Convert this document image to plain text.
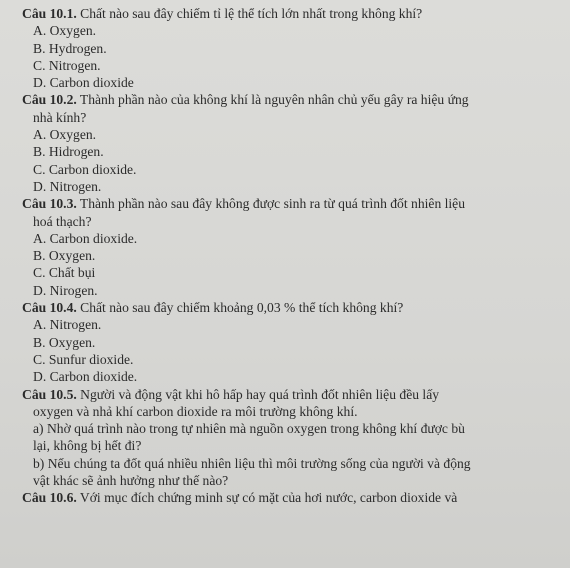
Câu 10.1. Chất nào sau đây chiếm tỉ lệ thể tích lớn nhất trong không khí?

A. Oxygen.

B. Hydrogen.

C. Nitrogen.

D. Carbon dioxide

Câu 10.2. Thành phần nào của không khí là nguyên nhân chủ yếu gây ra hiệu ứng

nhà kính?

A. Oxygen.

B. Hidrogen.

C. Carbon dioxide.

D. Nitrogen.

Câu 10.3. Thành phần nào sau đây không được sinh ra từ quá trình đốt nhiên liệu

hoá thạch?

A. Carbon dioxide.

B. Oxygen.

C. Chất bụi

D. Nirogen.

Câu 10.4. Chất nào sau đây chiếm khoảng 0,03 % thể tích không khí?

A. Nitrogen.

B. Oxygen.

C. Sunfur dioxide.

D. Carbon dioxide.

Câu 10.5. Người và động vật khi hô hấp hay quá trình đốt nhiên liệu đều lấy

oxygen và nhả khí carbon dioxide ra môi trường không khí.

a) Nhờ quá trình nào trong tự nhiên mà nguồn oxygen trong không khí được bù

lại, không bị hết đi?

b) Nếu chúng ta đốt quá nhiều nhiên liệu thì môi trường sống của người và động

vật khác sẽ ảnh hưởng như thế nào?

Câu 10.6. Với mục đích chứng minh sự có mặt của hơi nước, carbon dioxide và
